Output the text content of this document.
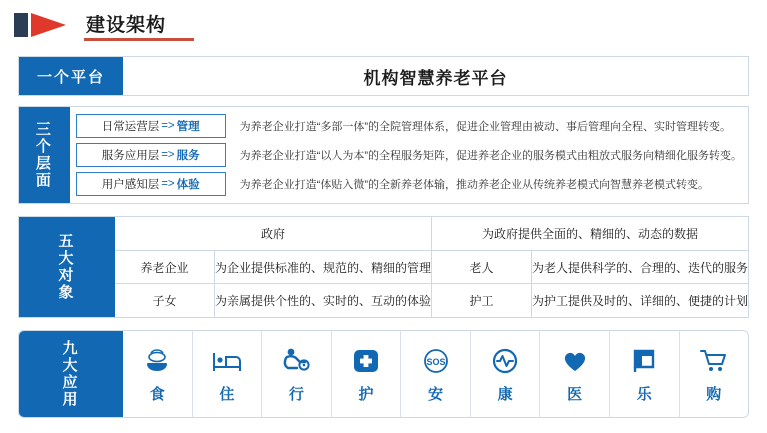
建设架构
一个平台	机构智慧养老平台
三个层面
日常运营层 => 管理	为养老企业打造“多部一体”的全院管理体系，促进企业管理由被动、事后管理向全程、实时管理转变。
服务应用层 => 服务	为养老企业打造“以人为本”的全程服务矩阵，促进养老企业的服务模式由粗放式服务向精细化服务转变。
用户感知层 => 体验	为养老企业打造“体贴入微”的全新养老体输，推动养老企业从传统养老模式向智慧养老模式转变。
五大对象
政府	为政府提供全面的、精细的、动态的数据
养老企业	为企业提供标准的、规范的、精细的管理	老人	为老人提供科学的、合理的、迭代的服务
子女	为亲属提供个性的、实时的、互动的体验	护工	为护工提供及时的、详细的、便捷的计划
九大应用	食	住	行	护
SOS
安	康	医	乐	购
